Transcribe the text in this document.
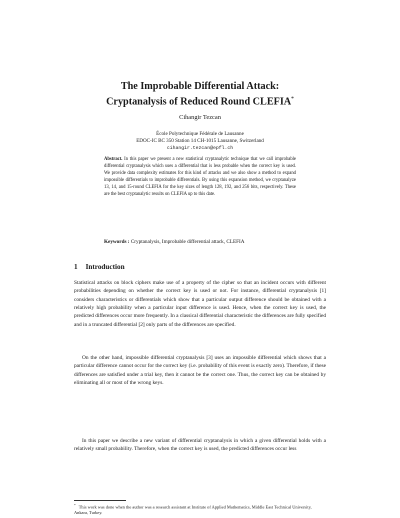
The Improbable Differential Attack:
Cryptanalysis of Reduced Round CLEFIA*
Cihangir Tezcan
École Polytechnique Fédérale de Lausanne
EDOC-IC BC 350 Station 14 CH-1015 Lausanne, Switzerland
cihangir.tezcan@epfl.ch
Abstract. In this paper we present a new statistical cryptanalytic technique that we call improbable differential cryptanalysis which uses a differential that is less probable when the correct key is used. We provide data complexity estimates for this kind of attacks and we also show a method to expand impossible differentials to improbable differentials. By using this expansion method, we cryptanalyze 13, 14, and 15-round CLEFIA for the key sizes of length 128, 192, and 256 bits, respectively. These are the best cryptanalytic results on CLEFIA up to this date.
Keywords : Cryptanalysis, Improbable differential attack, CLEFIA
1 Introduction

Statistical attacks on block ciphers make use of a property of the cipher so that an incident occurs with different probabilities depending on whether the correct key is used or not. For instance, differential cryptanalysis [1] considers characteristics or differentials which show that a particular output difference should be obtained with a relatively high probability when a particular input difference is used. Hence, when the correct key is used, the predicted differences occur more frequently. In a classical differential characteristic the differences are fully specified and in a truncated differential [2] only parts of the differences are specified.

On the other hand, impossible differential cryptanalysis [3] uses an impossible differential which shows that a particular difference cannot occur for the correct key (i.e. probability of this event is exactly zero). Therefore, if these differences are satisfied under a trial key, then it cannot be the correct one. Thus, the correct key can be obtained by eliminating all or most of the wrong keys.

In this paper we describe a new variant of differential cryptanalysis in which a given differential holds with a relatively small probability. Therefore, when the correct key is used, the predicted differences occur less

* This work was done when the author was a research assistant at Institute of Applied Mathematics, Middle East Technical University, Ankara, Turkey.
